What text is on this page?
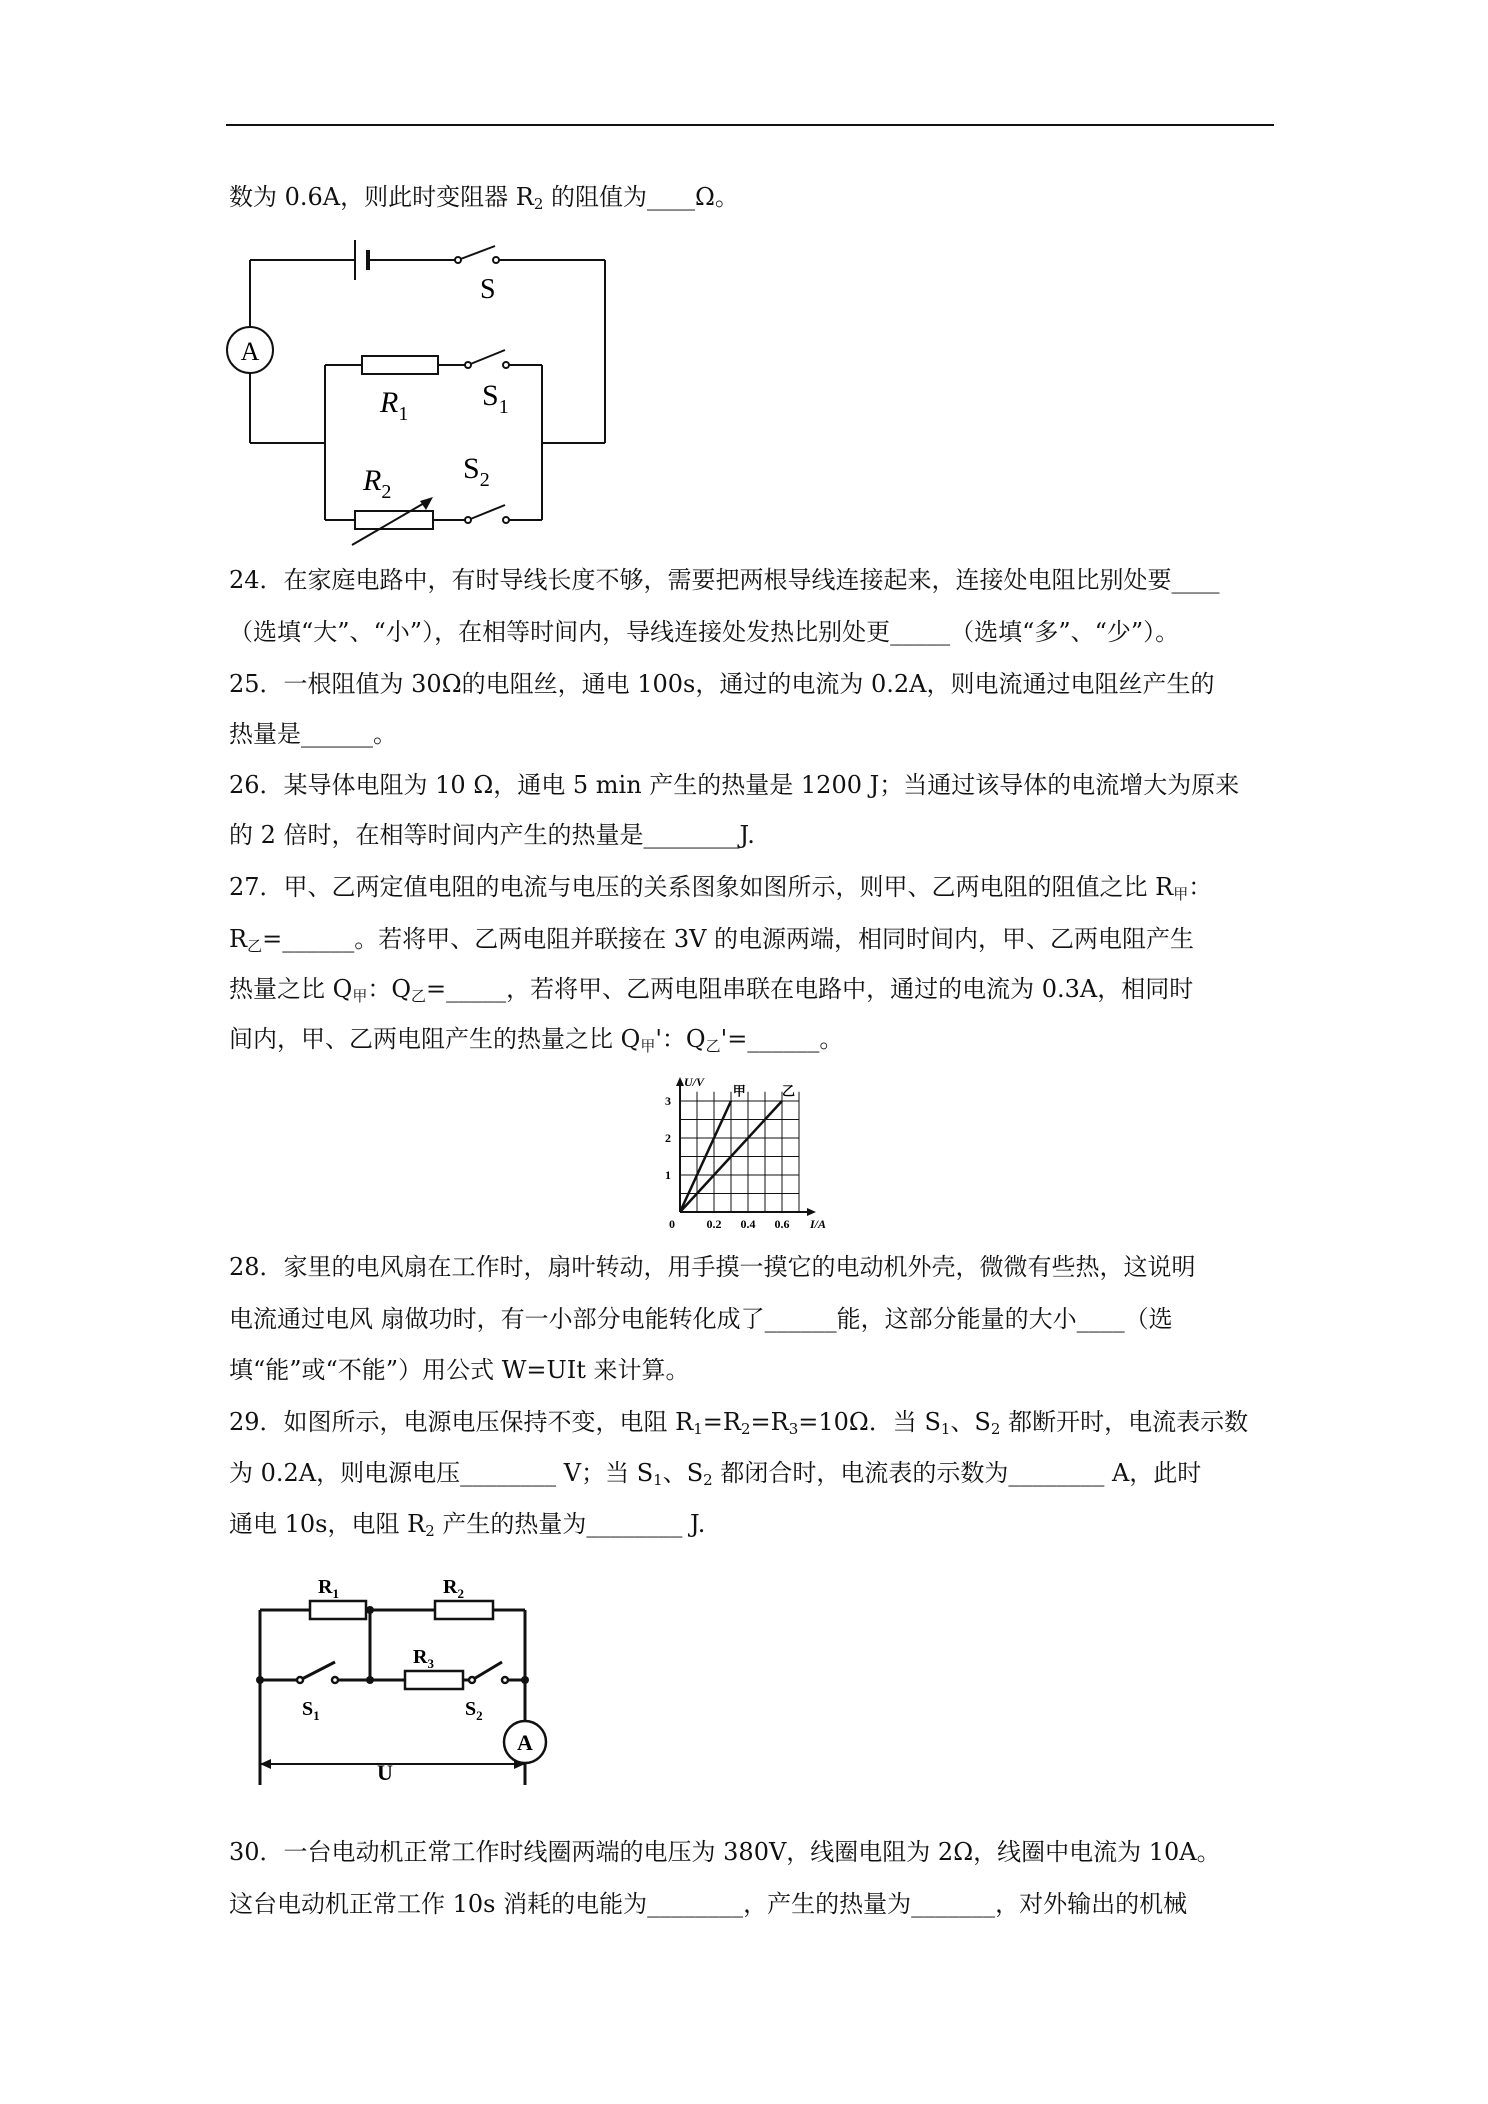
数为 0.6A，则此时变阻器 $R_2$ 的阻值为____Ω。
A
S
$R_1$
$S_1$
$R_2$
$S_2$
24．在家庭电路中，有时导线长度不够，需要把两根导线连接起来，连接处电阻比别处要____
（选填“大”、“小”），在相等时间内，导线连接处发热比别处更_____（选填“多”、“少”）。
25．一根阻值为 30Ω的电阻丝，通电 100s，通过的电流为 0.2A，则电流通过电阻丝产生的
热量是______。
26．某导体电阻为 10 Ω，通电 5 min 产生的热量是 1200 J；当通过该导体的电流增大为原来
的 2 倍时，在相等时间内产生的热量是________J.
27．甲、乙两定值电阻的电流与电压的关系图象如图所示，则甲、乙两电阻的阻值之比 $R_甲$：
$R_乙=\_\_\_\_\_\_$。若将甲、乙两电阻并联接在 3V 的电源两端，相同时间内，甲、乙两电阻产生
热量之比 $Q_甲$：$Q_乙=\_\_\_\_\_$，若将甲、乙两电阻串联在电路中，通过的电流为 0.3A，相同时
间内，甲、乙两电阻产生的热量之比 $Q_甲'$：$Q_乙'=\_\_\_\_\_\_$。
U/V
I/A
甲	乙
1
2
3
0	0.2 0.4 0.6
28．家里的电风扇在工作时，扇叶转动，用手摸一摸它的电动机外壳，微微有些热，这说明
电流通过电风 扇做功时，有一小部分电能转化成了______能，这部分能量的大小____（选
填“能”或“不能”）用公式 W=UIt 来计算。
29．如图所示，电源电压保持不变，电阻 $R_1=R_2=R_3=10\Omega$．当 $S_1$、$S_2$ 都断开时，电流表示数
为 0.2A，则电源电压________ V；当 $S_1$、$S_2$ 都闭合时，电流表的示数为________ A，此时
通电 10s，电阻 $R_2$ 产生的热量为________ J.
A
$R_1$	$R_2$
$R_3$
$S_1$	$S_2$
U
30．一台电动机正常工作时线圈两端的电压为 380V，线圈电阻为 2Ω，线圈中电流为 10A。
这台电动机正常工作 10s 消耗的电能为________，产生的热量为_______，对外输出的机械
